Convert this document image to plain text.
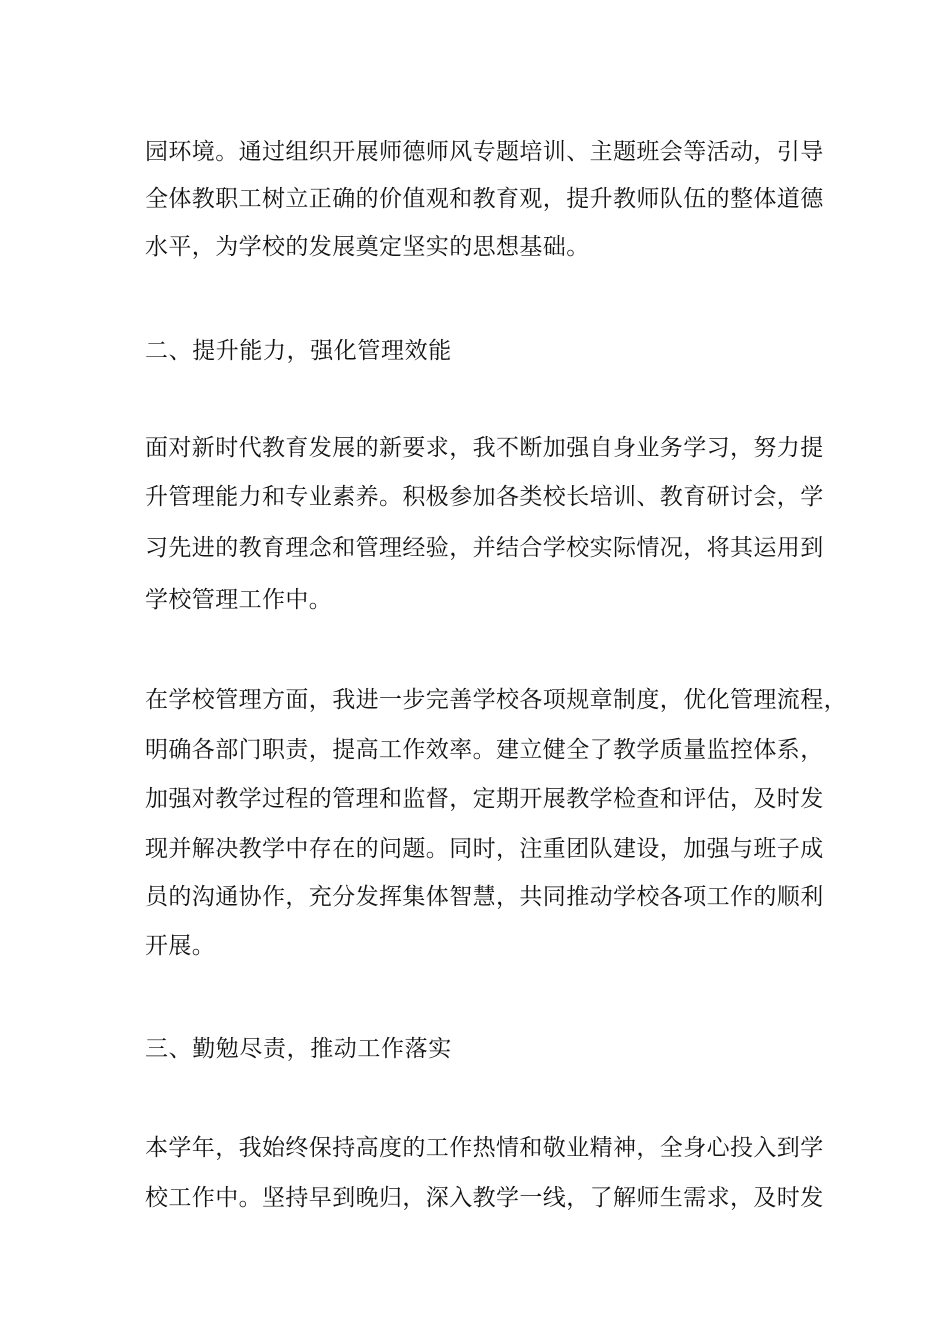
园环境。通过组织开展师德师风专题培训、主题班会等活动，引导
全体教职工树立正确的价值观和教育观，提升教师队伍的整体道德
水平，为学校的发展奠定坚实的思想基础。
二、提升能力，强化管理效能
面对新时代教育发展的新要求，我不断加强自身业务学习，努力提
升管理能力和专业素养。积极参加各类校长培训、教育研讨会，学
习先进的教育理念和管理经验，并结合学校实际情况，将其运用到
学校管理工作中。
在学校管理方面，我进一步完善学校各项规章制度，优化管理流程，
明确各部门职责，提高工作效率。建立健全了教学质量监控体系，
加强对教学过程的管理和监督，定期开展教学检查和评估，及时发
现并解决教学中存在的问题。同时，注重团队建设，加强与班子成
员的沟通协作，充分发挥集体智慧，共同推动学校各项工作的顺利
开展。
三、勤勉尽责，推动工作落实
本学年，我始终保持高度的工作热情和敬业精神，全身心投入到学
校工作中。坚持早到晚归，深入教学一线，了解师生需求，及时发
